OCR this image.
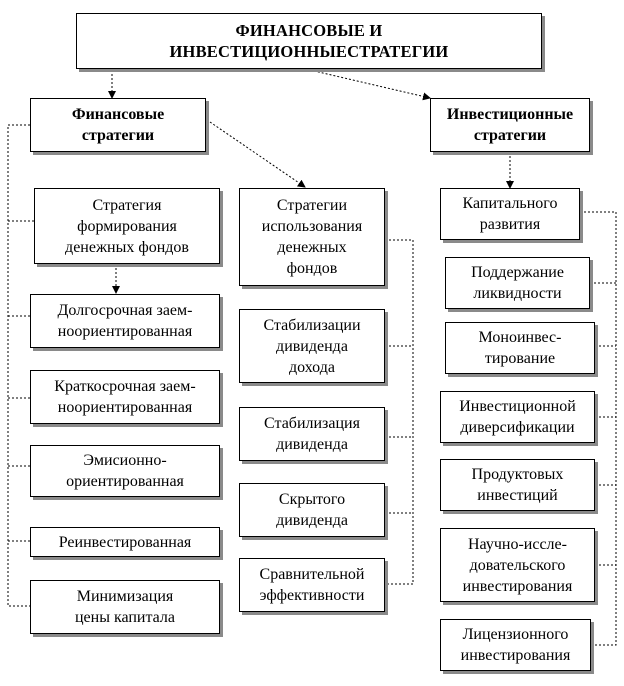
ФИНАНСОВЫЕ И
ИНВЕСТИЦИОННЫЕСТРАТЕГИИ
Финансовые
стратегии
Инвестиционные
стратегии
Стратегия
формирования
денежных фондов
Долгосрочная заем-
ноориентированная
Краткосрочная заем-
ноориентированная
Эмисионно-
ориентированная
Реинвестированная
Минимизация
цены капитала
Стратегии
использования
денежных
фондов
Стабилизации
дивиденда
дохода
Стабилизация
дивиденда
Скрытого
дивиденда
Сравнительной
эффективности
Капитального
развития
Поддержание
ликвидности
Моноинвес-
тирование
Инвестиционной
диверсификации
Продуктовых
инвестиций
Научно-иссле-
довательского
инвестирования
Лицензионного
инвестирования
